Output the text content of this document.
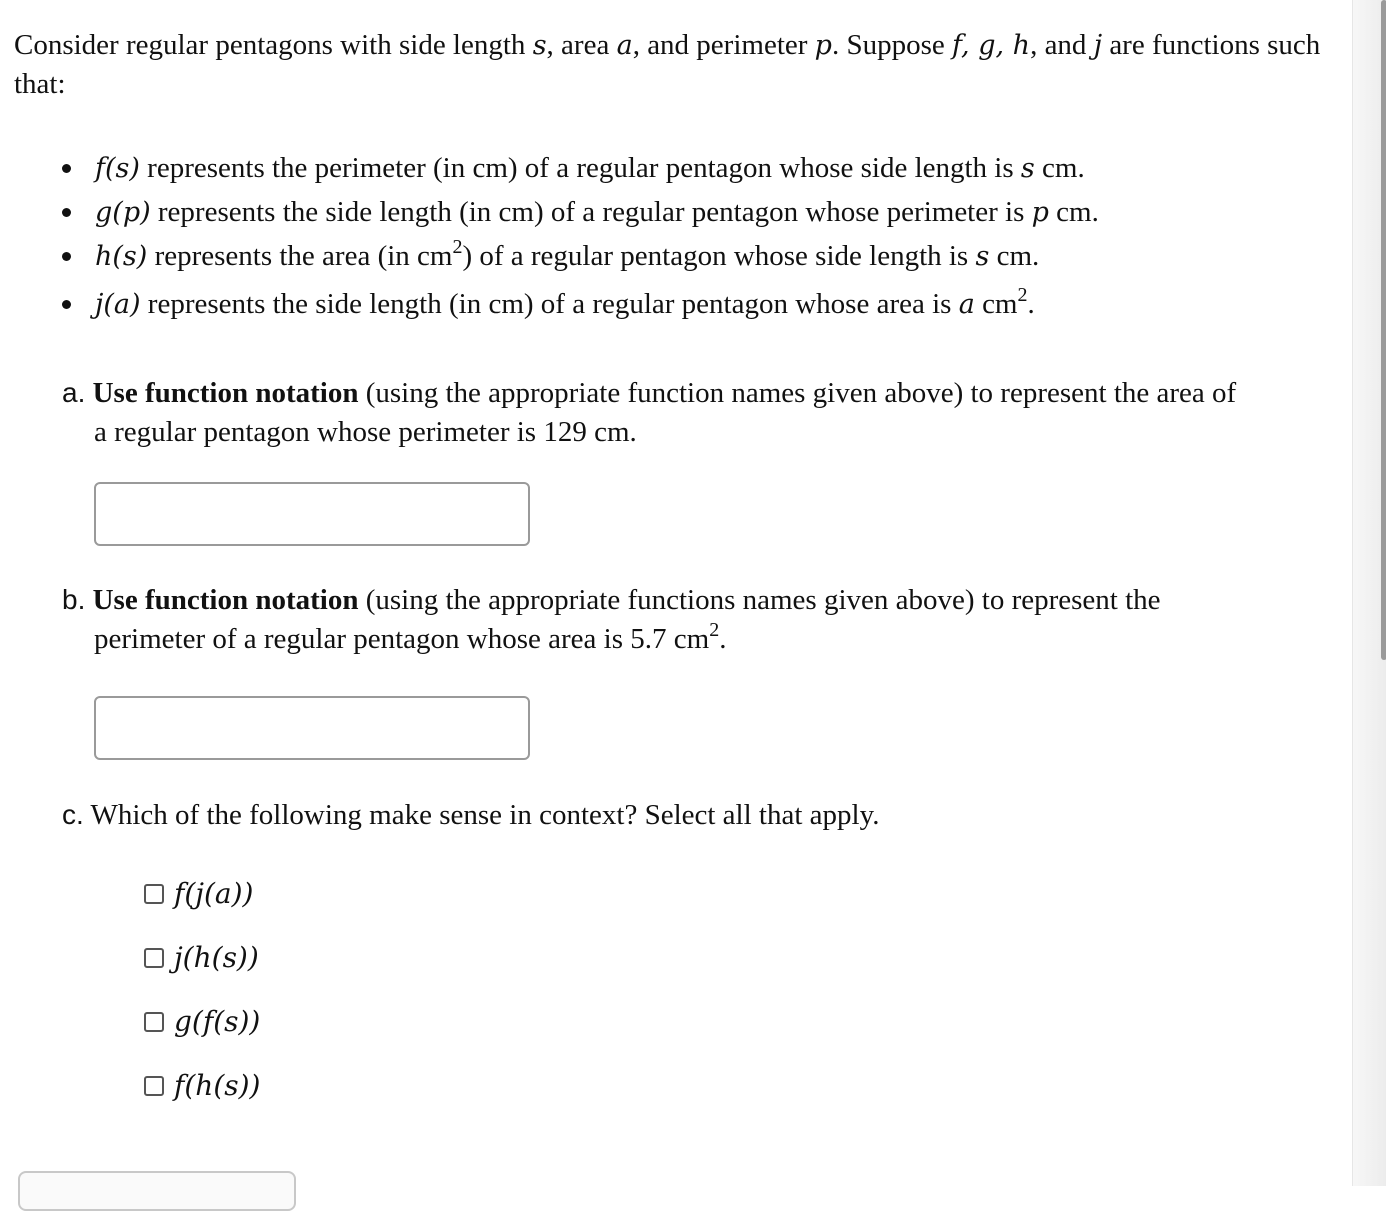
Consider regular pentagons with side length s, area a, and perimeter p. Suppose f, g, h, and j are functions such that:

f(s) represents the perimeter (in cm) of a regular pentagon whose side length is s cm.
g(p) represents the side length (in cm) of a regular pentagon whose perimeter is p cm.
h(s) represents the area (in $cm^2$) of a regular pentagon whose side length is s cm.
j(a) represents the side length (in cm) of a regular pentagon whose area is a $cm^2$.

a. Use function notation (using the appropriate function names given above) to represent the area of
a regular pentagon whose perimeter is 129 cm.

b. Use function notation (using the appropriate functions names given above) to represent the
perimeter of a regular pentagon whose area is 5.7 $cm^2$.

c. Which of the following make sense in context? Select all that apply.

f(j(a))
j(h(s))
g(f(s))
f(h(s))
